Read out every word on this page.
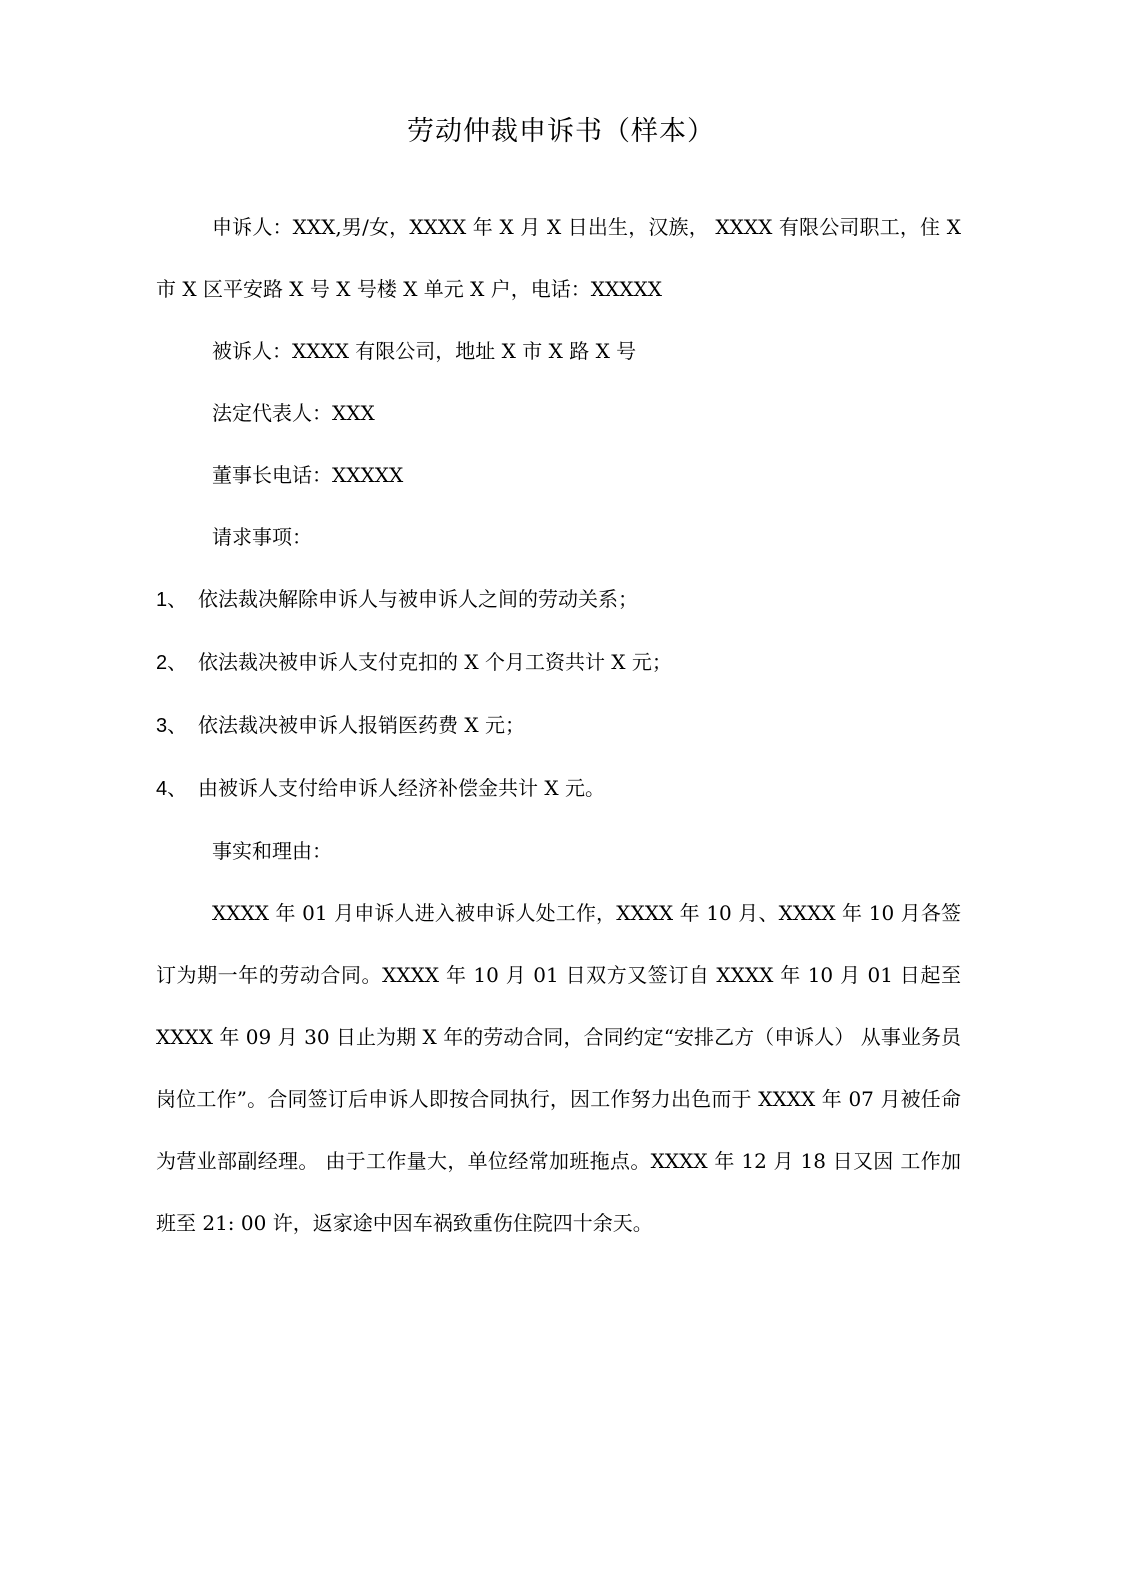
劳动仲裁申诉书（样本）

申诉人：XXX,男/女，XXXX 年 X 月 X 日出生，汉族， XXXX 有限公司职工，住 X 市 X 区平安路 X 号 X 号楼 X 单元 X 户，电话：XXXXX

被诉人：XXXX 有限公司，地址 X 市 X 路 X 号

法定代表人：XXX

董事长电话：XXXXX

请求事项：

1、 依法裁决解除申诉人与被申诉人之间的劳动关系；

2、 依法裁决被申诉人支付克扣的 X 个月工资共计 X 元；

3、 依法裁决被申诉人报销医药费 X 元；

4、 由被诉人支付给申诉人经济补偿金共计 X 元。

事实和理由：

XXXX 年 01 月申诉人进入被申诉人处工作，XXXX 年 10 月、XXXX 年 10 月各签订为期一年的劳动合同。XXXX 年 10 月 01 日双方又签订自 XXXX 年 10 月 01 日起至 XXXX 年 09 月 30 日止为期 X 年的劳动合同，合同约定“安排乙方（申诉人） 从事业务员岗位工作”。合同签订后申诉人即按合同执行，因工作努力出色而于 XXXX 年 07 月被任命为营业部副经理。 由于工作量大，单位经常加班拖点。XXXX 年 12 月 18 日又因 工作加班至 21: 00 许，返家途中因车祸致重伤住院四十余天。
